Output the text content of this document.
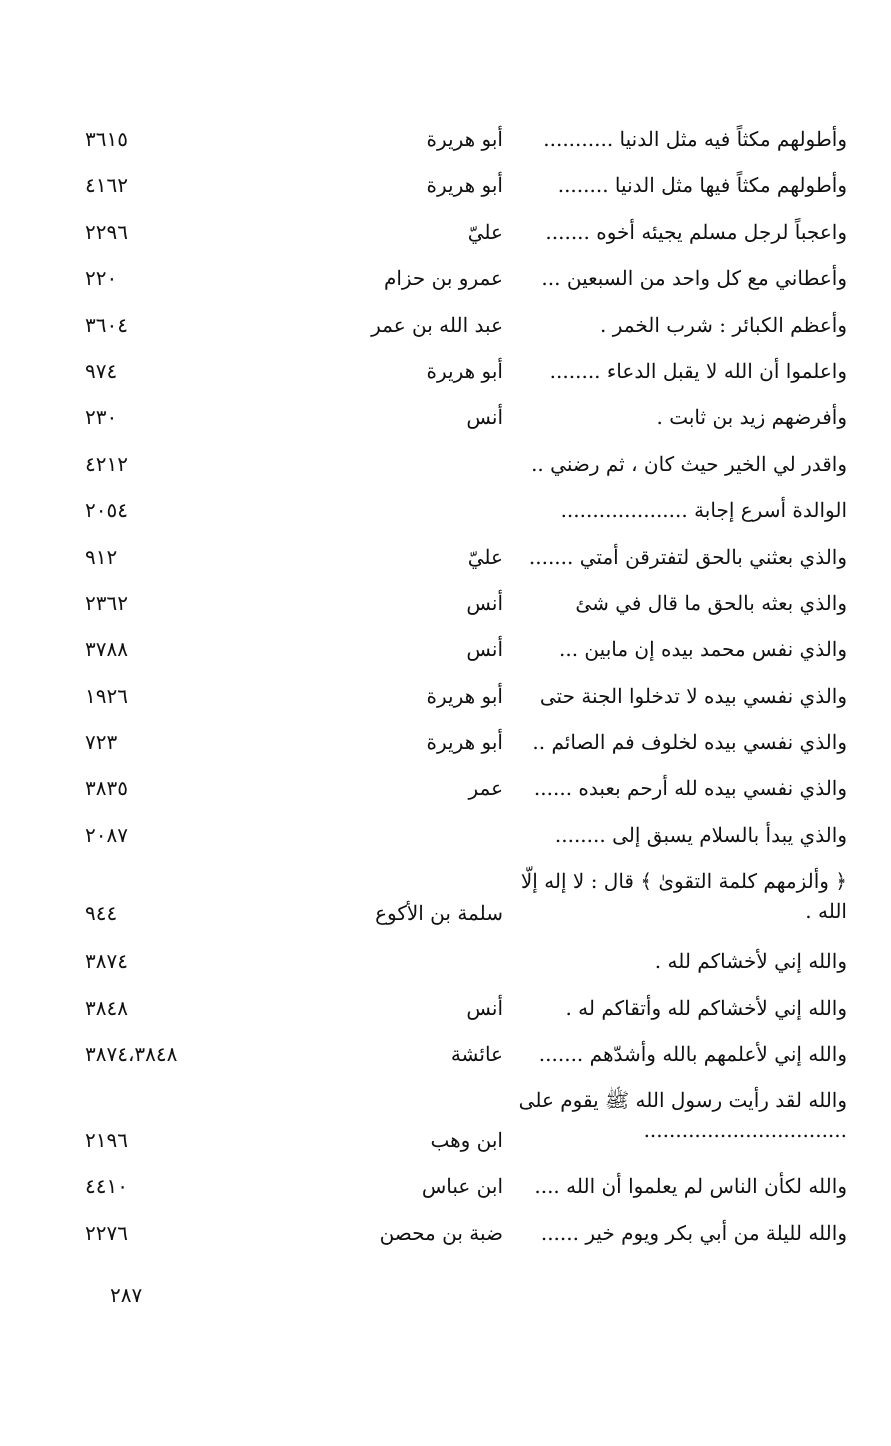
وأطولهم مكثاً فيه مثل الدنيا ...........
أبو هريرة
٣٦١٥
وأطولهم مكثاً فيها مثل الدنيا ........
أبو هريرة
٤١٦٢
واعجباً لرجل مسلم يجيئه أخوه .......
عليّ
٢٢٩٦
وأعطاني مع كل واحد من السبعين ...
عمرو بن حزام
٢٢٠
وأعظم الكبائر : شرب الخمر .
عبد الله بن عمر
٣٦٠٤
واعلموا أن الله لا يقبل الدعاء ........
أبو هريرة
٩٧٤
وأفرضهم زيد بن ثابت .
أنس
٢٣٠
واقدر لي الخير حيث كان ، ثم رضني ..
٤٢١٢
الوالدة أسرع إجابة ....................
٢٠٥٤
والذي بعثني بالحق لتفترقن أمتي .......
عليّ
٩١٢
والذي بعثه بالحق ما قال في شئ
أنس
٢٣٦٢
والذي نفس محمد بيده إن مابين ...
أنس
٣٧٨٨
والذي نفسي بيده لا تدخلوا الجنة حتى
أبو هريرة
١٩٢٦
والذي نفسي بيده لخلوف فم الصائم ..
أبو هريرة
٧٢٣
والذي نفسي بيده لله أرحم بعبده ......
عمر
٣٨٣٥
والذي يبدأ بالسلام يسبق إلى ........
٢٠٨٧
﴿ وألزمهم كلمة التقوىٰ ﴾ قال : لا إله إلّا الله .
سلمة بن الأكوع
٩٤٤
والله إني لأخشاكم لله .
٣٨٧٤
والله إني لأخشاكم لله وأتقاكم له .
أنس
٣٨٤٨
والله إني لأعلمهم بالله وأشدّهم .......
عائشة
٣٨٧٤،٣٨٤٨
والله لقد رأيت رسول الله ﷺ يقوم على ................................
ابن وهب
٢١٩٦
والله لكأن الناس لم يعلموا أن الله ....
ابن عباس
٤٤١٠
والله لليلة من أبي بكر ويوم خير ......
ضبة بن محصن
٢٢٧٦
٢٨٧
